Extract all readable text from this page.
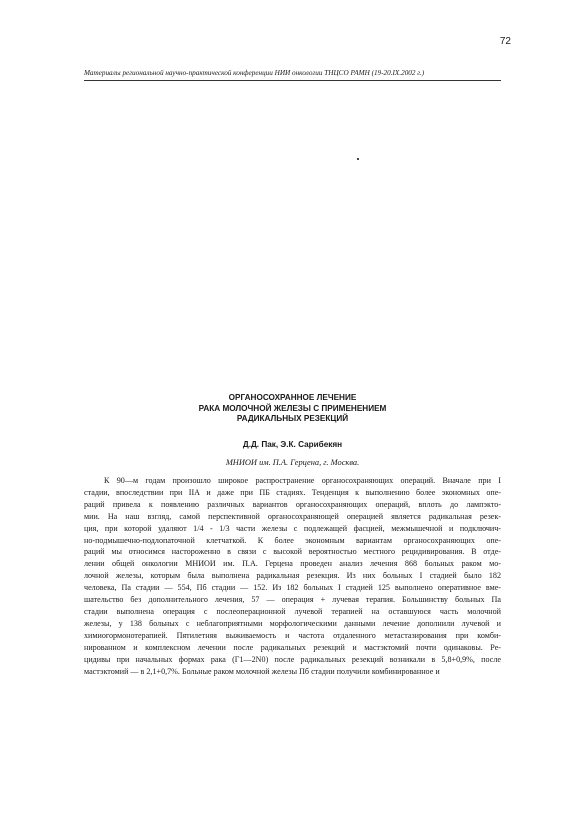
72
Материалы региональной научно-практической конференции НИИ онкологии ТНЦСО РАМН (19-20.IX.2002 г.)
ОРГАНОСОХРАННОЕ ЛЕЧЕНИЕ
РАКА МОЛОЧНОЙ ЖЕЛЕЗЫ С ПРИМЕНЕНИЕМ
РАДИКАЛЬНЫХ РЕЗЕКЦИЙ
Д.Д. Пак, Э.К. Сарибекян
МНИОИ им. П.А. Герцена, г. Москва.
К 90—м годам произошло широкое распространение органосохраняющих операций. Вначале при I
стадии, впоследствии при IIА и даже при ПБ стадиях. Тенденция к выполнению более экономных опе-
раций привела к появлению различных вариантов органосохраняющих операций, вплоть до лампэкто-
мии. На наш взгляд, самой перспективной органосохраняющей операцией является радикальная резек-
ция, при которой удаляют 1/4 - 1/3 части железы с подлежащей фасцией, межмышечной и подключич-
но-подмышечно-подлопаточной клетчаткой. К более экономным вариантам органосохраняющих опе-
раций мы относимся настороженно в связи с высокой вероятностью местного рецидивирования. В отде-
лении общей онкологии МНИОИ им. П.А. Герцена проведен анализ лечения 868 больных раком мо-
лочной железы, которым была выполнена радикальная резекция. Из них больных I стадией было 182
человека, Па стадии — 554, Пб стадии — 152. Из 182 больных I стадией 125 выполнено оперативное вме-
шательство без дополнительного лечения, 57 — операция + лучевая терапия. Большинству больных Па
стадии выполнена операция с послеоперационной лучевой терапией на оставшуюся часть молочной
железы, у 138 больных с неблагоприятными морфологическими данными лечение дополнили лучевой и
химиогормонотерапией. Пятилетняя выживаемость и частота отдаленного метастазирования при комби-
нированном и комплексном лечении после радикальных резекций и мастэктомий почти одинаковы. Ре-
цидивы при начальных формах рака (Г1—2N0) после радикальных резекций возникали в 5,8+0,9%, после
мастэктомий — в 2,1+0,7%. Больные раком молочной железы Пб стадии получили комбинированное и
